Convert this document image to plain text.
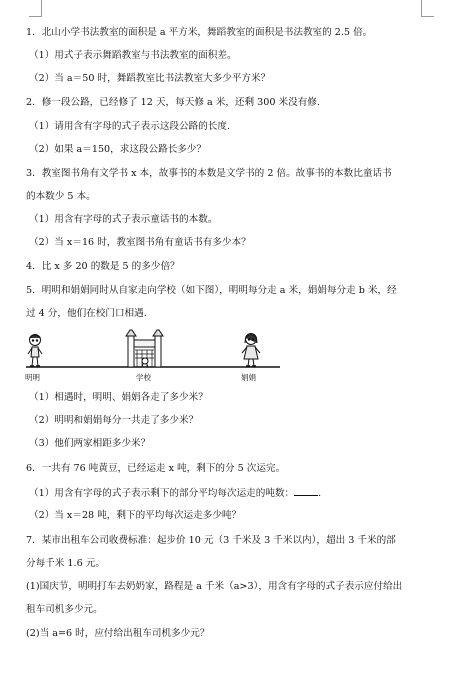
1．北山小学书法教室的面积是 a 平方米，舞蹈教室的面积是书法教室的 2.5 倍。
（1）用式子表示舞蹈教室与书法教室的面积差。
（2）当 a＝50 时，舞蹈教室比书法教室大多少平方米？
2．修一段公路，已经修了 12 天，每天修 a 米，还剩 300 米没有修.
（1）请用含有字母的式子表示这段公路的长度.
（2）如果 a＝150，求这段公路长多少？
3．教室图书角有文学书 x 本，故事书的本数是文学书的 2 倍。故事书的本数比童话书
的本数少 5 本。
（1）用含有字母的式子表示童话书的本数。
（2）当 x＝16 时，教室图书角有童话书有多少本？
4．比 x 多 20 的数是 5 的多少倍？
5．明明和娟娟同时从自家走向学校（如下图），明明每分走 a 米，娟娟每分走 b 米，经
过 4 分，他们在校门口相遇.
明明	学校	娟娟
（1）相遇时，明明、娟娟各走了多少米？
（2）明明和娟娟每分一共走了多少米？
（3）他们两家相距多少米？
6．一共有 76 吨黄豆，已经运走 x 吨，剩下的分 5 次运完。
（1）用含有字母的式子表示剩下的部分平均每次运走的吨数：	．
（2）当 x＝28 吨，剩下的平均每次运走多少吨？
7．某市出租车公司收费标准：起步价 10 元（3 千米及 3 千米以内），超出 3 千米的部
分每千米 1.6 元。
(1)国庆节，明明打车去奶奶家，路程是 a 千米（a>3），用含有字母的式子表示应付给出
租车司机多少元。
(2)当 a=6 时，应付给出租车司机多少元？
